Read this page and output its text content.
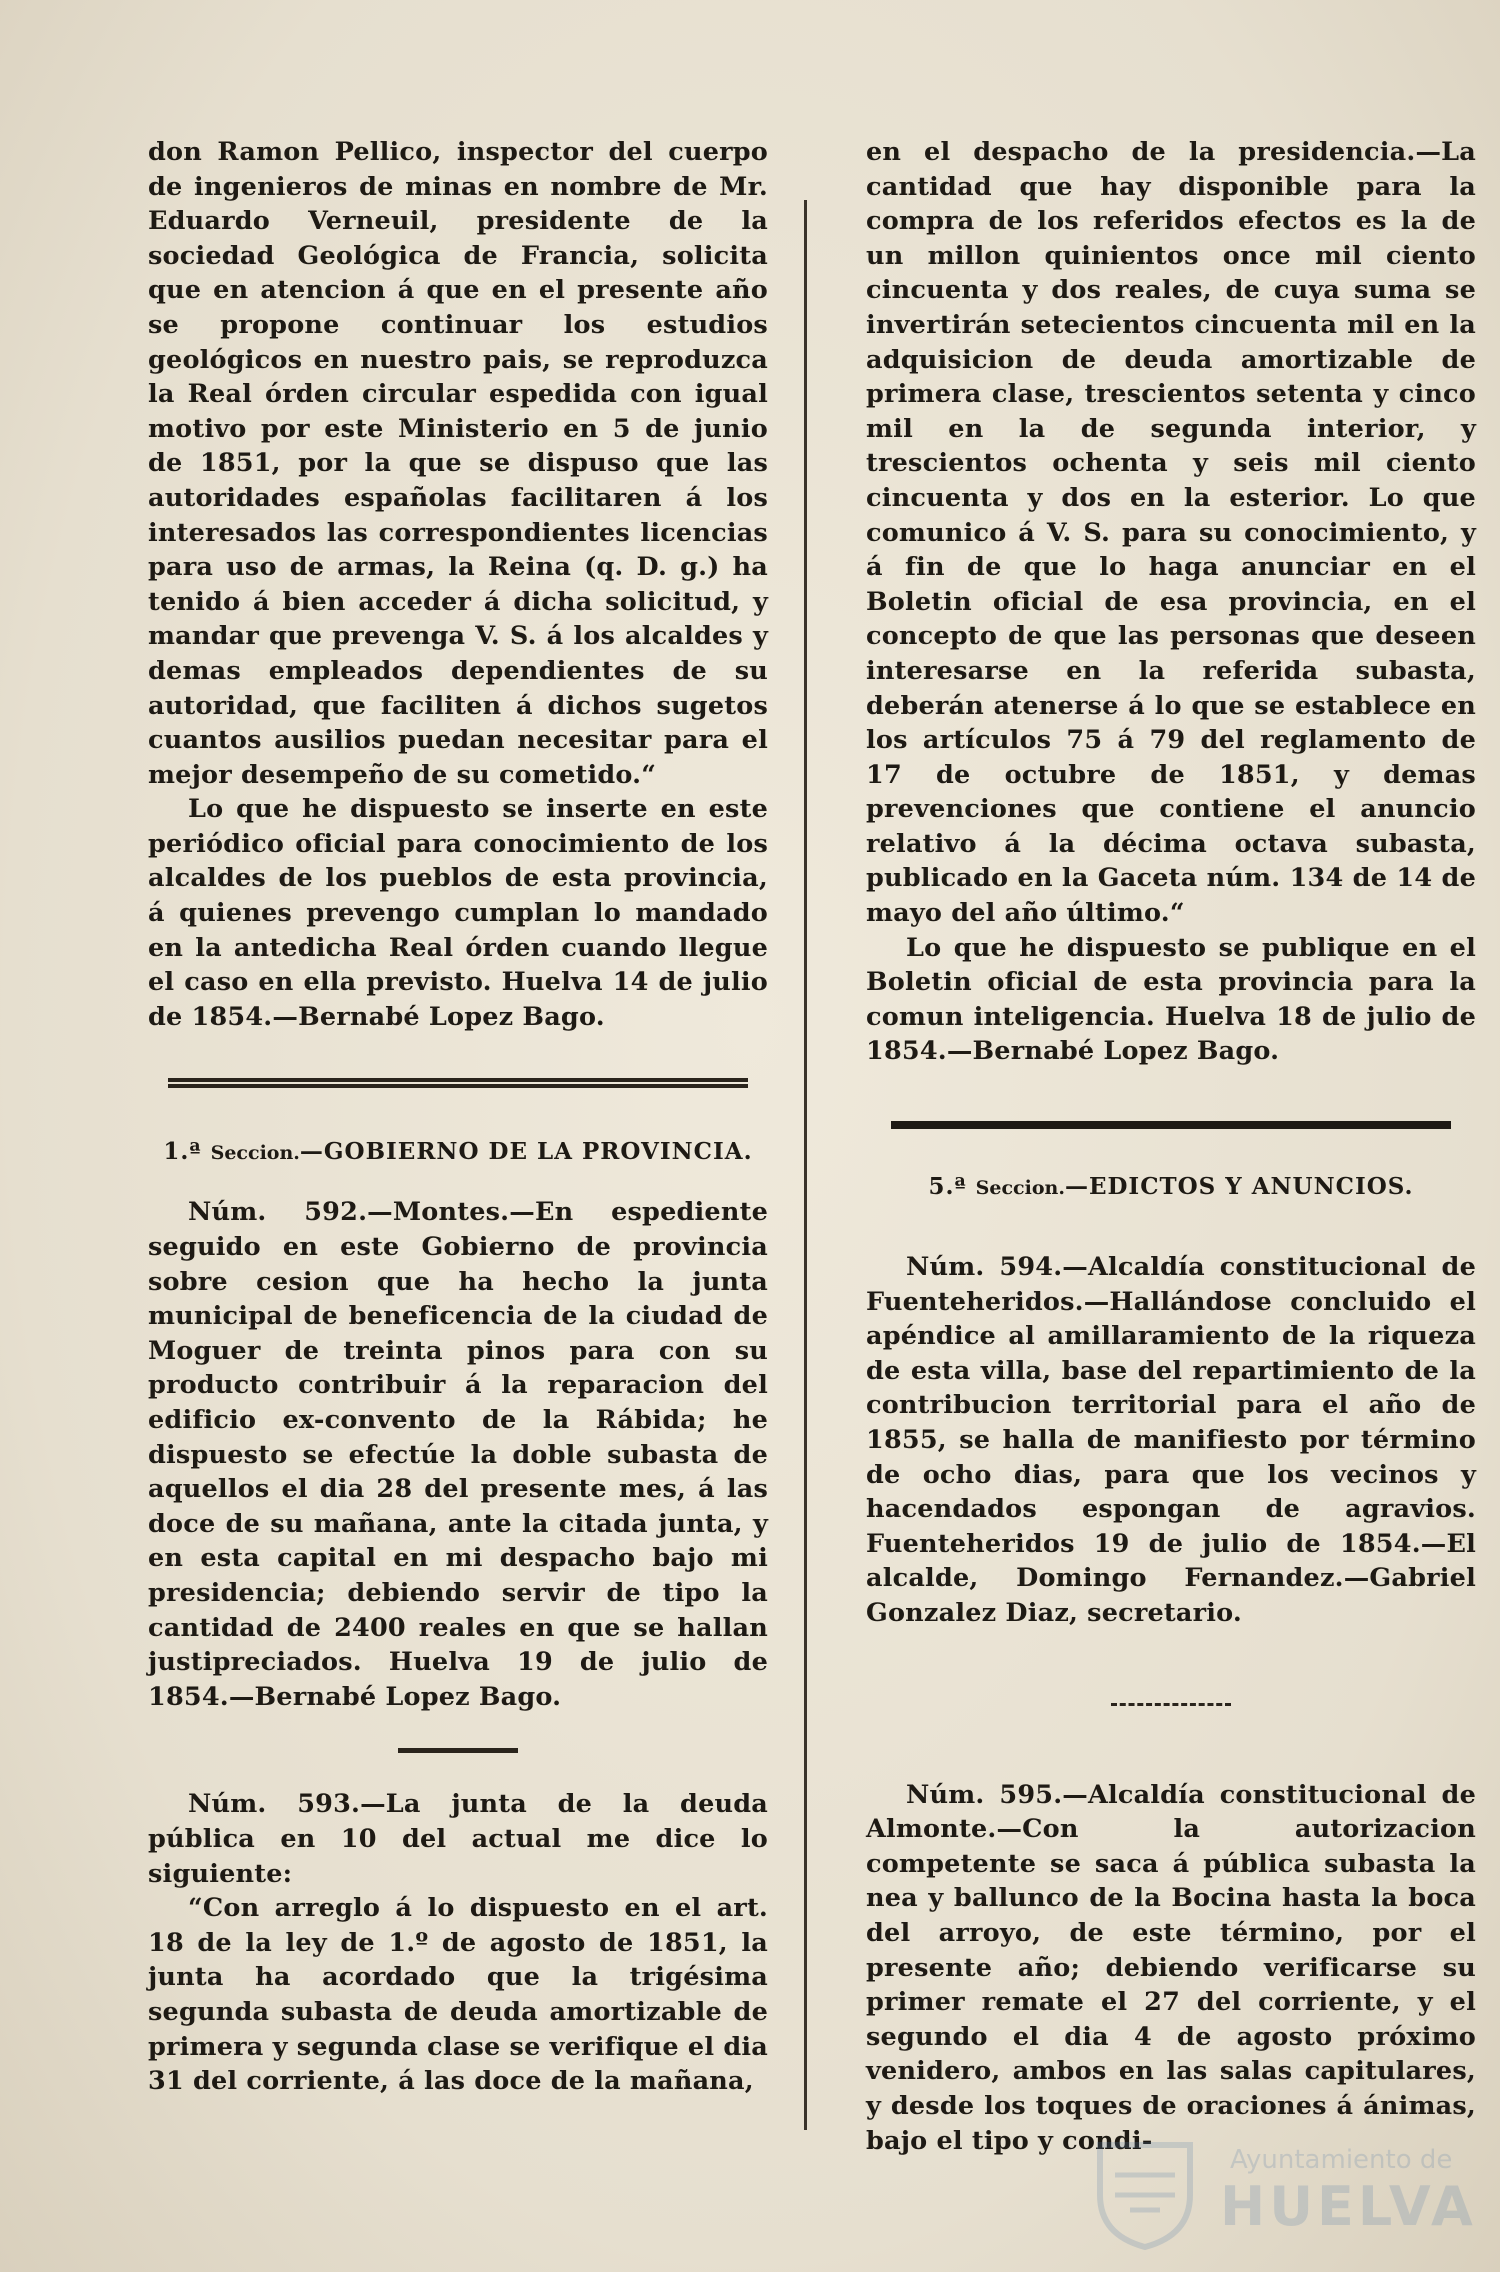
don Ramon Pellico, inspector del cuerpo de ingenieros de minas en nombre de Mr. Eduardo Verneuil, presidente de la sociedad Geológica de Francia, solicita que en atencion á que en el presente año se propone continuar los estudios geológicos en nuestro pais, se reproduzca la Real órden circular espedida con igual motivo por este Ministerio en 5 de junio de 1851, por la que se dispuso que las autoridades españolas facilitaren á los interesados las correspondientes licencias para uso de armas, la Reina (q. D. g.) ha tenido á bien acceder á dicha solicitud, y mandar que prevenga V. S. á los alcaldes y demas empleados dependientes de su autoridad, que faciliten á dichos sugetos cuantos ausilios puedan necesitar para el mejor desempeño de su cometido.“

Lo que he dispuesto se inserte en este periódico oficial para conocimiento de los alcaldes de los pueblos de esta provincia, á quienes prevengo cumplan lo mandado en la antedicha Real órden cuando llegue el caso en ella previsto. Huelva 14 de julio de 1854.—Bernabé Lopez Bago.

1.ª Seccion.—GOBIERNO DE LA PROVINCIA.

Núm. 592.—Montes.—En espediente seguido en este Gobierno de provincia sobre cesion que ha hecho la junta municipal de beneficencia de la ciudad de Moguer de treinta pinos para con su producto contribuir á la reparacion del edificio ex-convento de la Rábida; he dispuesto se efectúe la doble subasta de aquellos el dia 28 del presente mes, á las doce de su mañana, ante la citada junta, y en esta capital en mi despacho bajo mi presidencia; debiendo servir de tipo la cantidad de 2400 reales en que se hallan justipreciados. Huelva 19 de julio de 1854.—Bernabé Lopez Bago.

Núm. 593.—La junta de la deuda pública en 10 del actual me dice lo siguiente:

“Con arreglo á lo dispuesto en el art. 18 de la ley de 1.º de agosto de 1851, la junta ha acordado que la trigésima segunda subasta de deuda amortizable de primera y segunda clase se verifique el dia 31 del corriente, á las doce de la mañana,

en el despacho de la presidencia.—La cantidad que hay disponible para la compra de los referidos efectos es la de un millon quinientos once mil ciento cincuenta y dos reales, de cuya suma se invertirán setecientos cincuenta mil en la adquisicion de deuda amortizable de primera clase, trescientos setenta y cinco mil en la de segunda interior, y trescientos ochenta y seis mil ciento cincuenta y dos en la esterior. Lo que comunico á V. S. para su conocimiento, y á fin de que lo haga anunciar en el Boletin oficial de esa provincia, en el concepto de que las personas que deseen interesarse en la referida subasta, deberán atenerse á lo que se establece en los artículos 75 á 79 del reglamento de 17 de octubre de 1851, y demas prevenciones que contiene el anuncio relativo á la décima octava subasta, publicado en la Gaceta núm. 134 de 14 de mayo del año último.“

Lo que he dispuesto se publique en el Boletin oficial de esta provincia para la comun inteligencia. Huelva 18 de julio de 1854.—Bernabé Lopez Bago.

5.ª Seccion.—EDICTOS Y ANUNCIOS.

Núm. 594.—Alcaldía constitucional de Fuenteheridos.—Hallándose concluido el apéndice al amillaramiento de la riqueza de esta villa, base del repartimiento de la contribucion territorial para el año de 1855, se halla de manifiesto por término de ocho dias, para que los vecinos y hacendados espongan de agravios. Fuenteheridos 19 de julio de 1854.—El alcalde, Domingo Fernandez.—Gabriel Gonzalez Diaz, secretario.

Núm. 595.—Alcaldía constitucional de Almonte.—Con la autorizacion competente se saca á pública subasta la nea y ballunco de la Bocina hasta la boca del arroyo, de este término, por el presente año; debiendo verificarse su primer remate el 27 del corriente, y el segundo el dia 4 de agosto próximo venidero, ambos en las salas capitulares, y desde los toques de oraciones á ánimas, bajo el tipo y condi-

Ayuntamiento de
HUELVA
